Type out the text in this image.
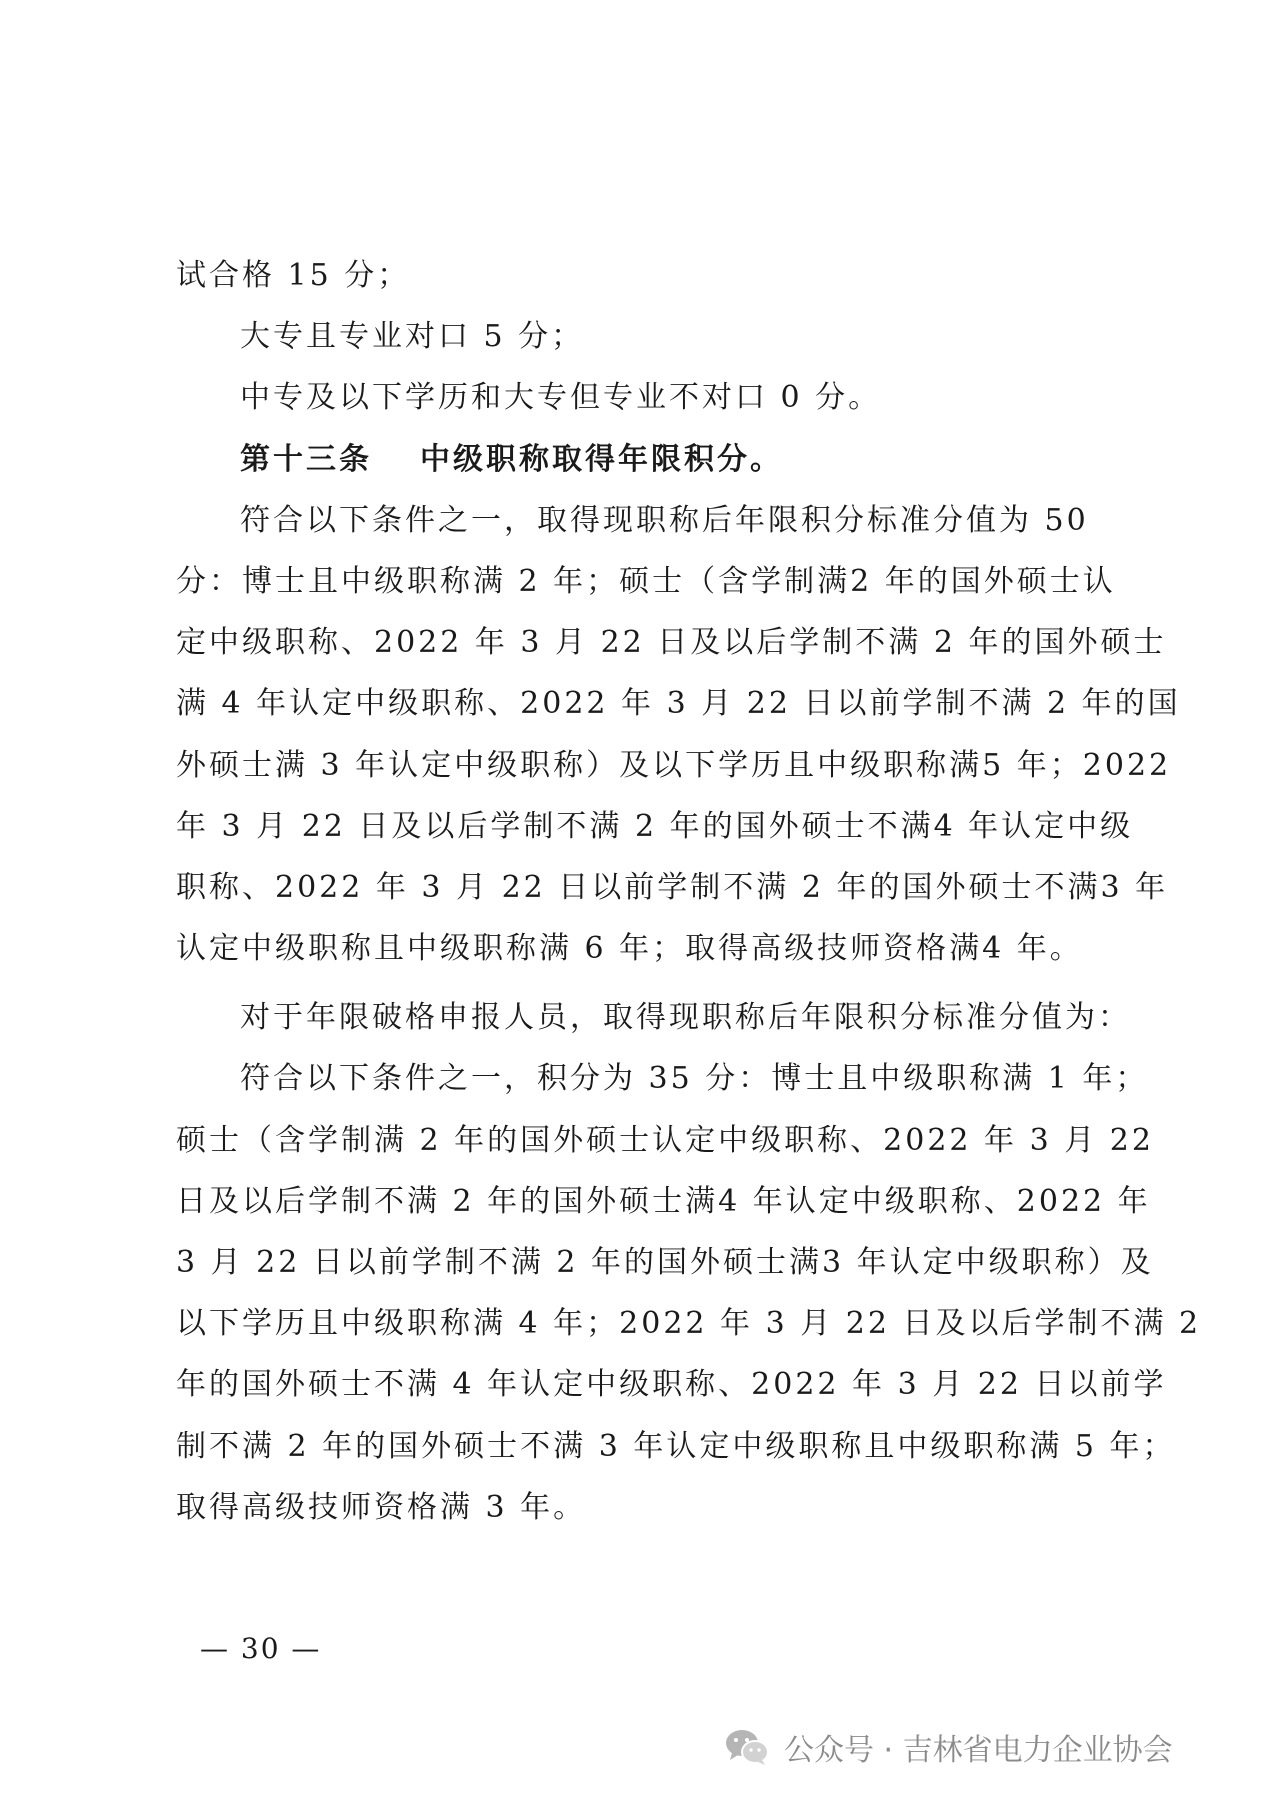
试合格 15 分；
大专且专业对口 5 分；
中专及以下学历和大专但专业不对口 0 分。
第十三条 中级职称取得年限积分。
符合以下条件之一，取得现职称后年限积分标准分值为 50
分：博士且中级职称满 2 年；硕士（含学制满2 年的国外硕士认
定中级职称、2022 年 3 月 22 日及以后学制不满 2 年的国外硕士
满 4 年认定中级职称、2022 年 3 月 22 日以前学制不满 2 年的国
外硕士满 3 年认定中级职称）及以下学历且中级职称满5 年；2022
年 3 月 22 日及以后学制不满 2 年的国外硕士不满4 年认定中级
职称、2022 年 3 月 22 日以前学制不满 2 年的国外硕士不满3 年
认定中级职称且中级职称满 6 年；取得高级技师资格满4 年。
对于年限破格申报人员，取得现职称后年限积分标准分值为：
符合以下条件之一，积分为 35 分：博士且中级职称满 1 年；
硕士（含学制满 2 年的国外硕士认定中级职称、2022 年 3 月 22
日及以后学制不满 2 年的国外硕士满4 年认定中级职称、2022 年
3 月 22 日以前学制不满 2 年的国外硕士满3 年认定中级职称）及
以下学历且中级职称满 4 年；2022 年 3 月 22 日及以后学制不满 2
年的国外硕士不满 4 年认定中级职称、2022 年 3 月 22 日以前学
制不满 2 年的国外硕士不满 3 年认定中级职称且中级职称满 5 年；
取得高级技师资格满 3 年。
— 30 —
公众号 · 吉林省电力企业协会
